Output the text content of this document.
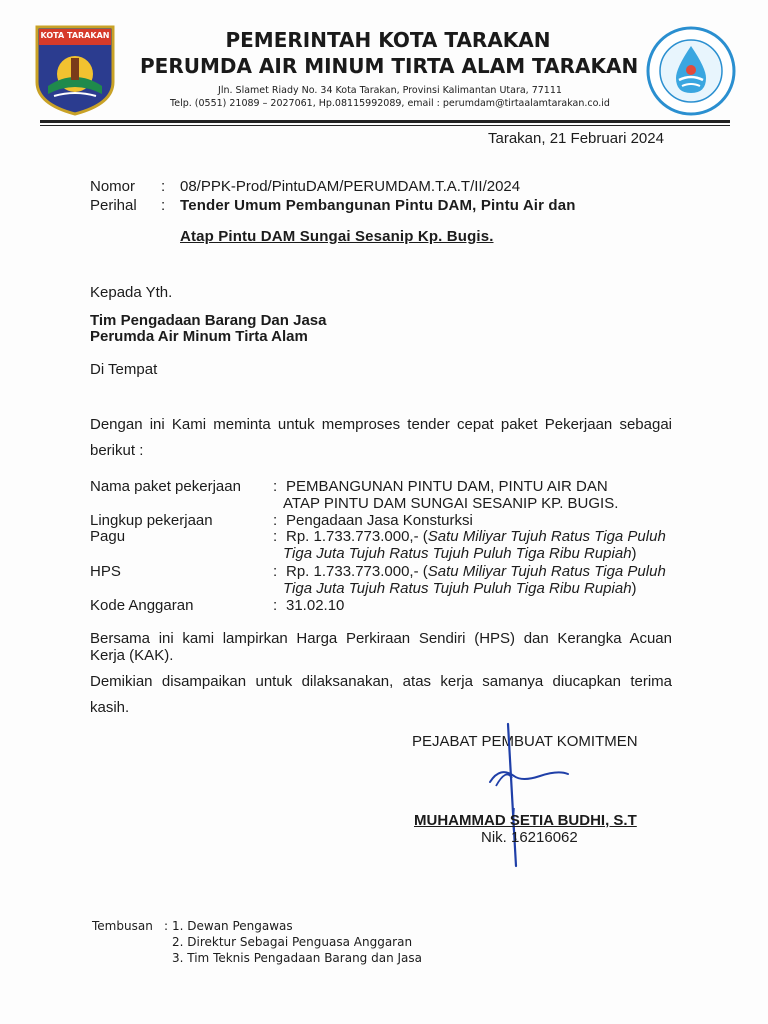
KOTA TARAKAN	PEMERINTAH KOTA TARAKAN
PERUMDA AIR MINUM TIRTA ALAM TARAKAN
Jln. Slamet Riady No. 34 Kota Tarakan, Provinsi Kalimantan Utara, 77111
Telp. (0551) 21089 – 2027061, Hp.08115992089, email : perumdam@tirtaalamtarakan.co.id
Tarakan, 21 Februari 2024
Nomor : 08/PPK-Prod/PintuDAM/PERUMDAM.T.A.T/II/2024
Perihal : Tender Umum Pembangunan Pintu DAM, Pintu Air dan
Atap Pintu DAM Sungai Sesanip Kp. Bugis.
Kepada Yth.
Tim Pengadaan Barang Dan Jasa
Perumda Air Minum Tirta Alam
Di Tempat
Dengan ini Kami meminta untuk memproses tender cepat paket Pekerjaan sebagai
berikut :
Nama paket pekerjaan : PEMBANGUNAN PINTU DAM, PINTU AIR DAN
ATAP PINTU DAM SUNGAI SESANIP KP. BUGIS.
Lingkup pekerjaan	: Pengadaan Jasa Konsturksi
Pagu	: Rp. 1.733.773.000,- (Satu Miliyar Tujuh Ratus Tiga Puluh
Tiga Juta Tujuh Ratus Tujuh Puluh Tiga Ribu Rupiah)
HPS	: Rp. 1.733.773.000,- (Satu Miliyar Tujuh Ratus Tiga Puluh
Tiga Juta Tujuh Ratus Tujuh Puluh Tiga Ribu Rupiah)
Kode Anggaran	: 31.02.10
Bersama ini kami lampirkan Harga Perkiraan Sendiri (HPS) dan Kerangka Acuan
Kerja (KAK).
Demikian disampaikan untuk dilaksanakan, atas kerja samanya diucapkan terima
kasih.
PEJABAT PEMBUAT KOMITMEN
MUHAMMAD SETIA BUDHI, S.T
Nik. 16216062
Tembusan : 1. Dewan Pengawas
2. Direktur Sebagai Penguasa Anggaran
3. Tim Teknis Pengadaan Barang dan Jasa
